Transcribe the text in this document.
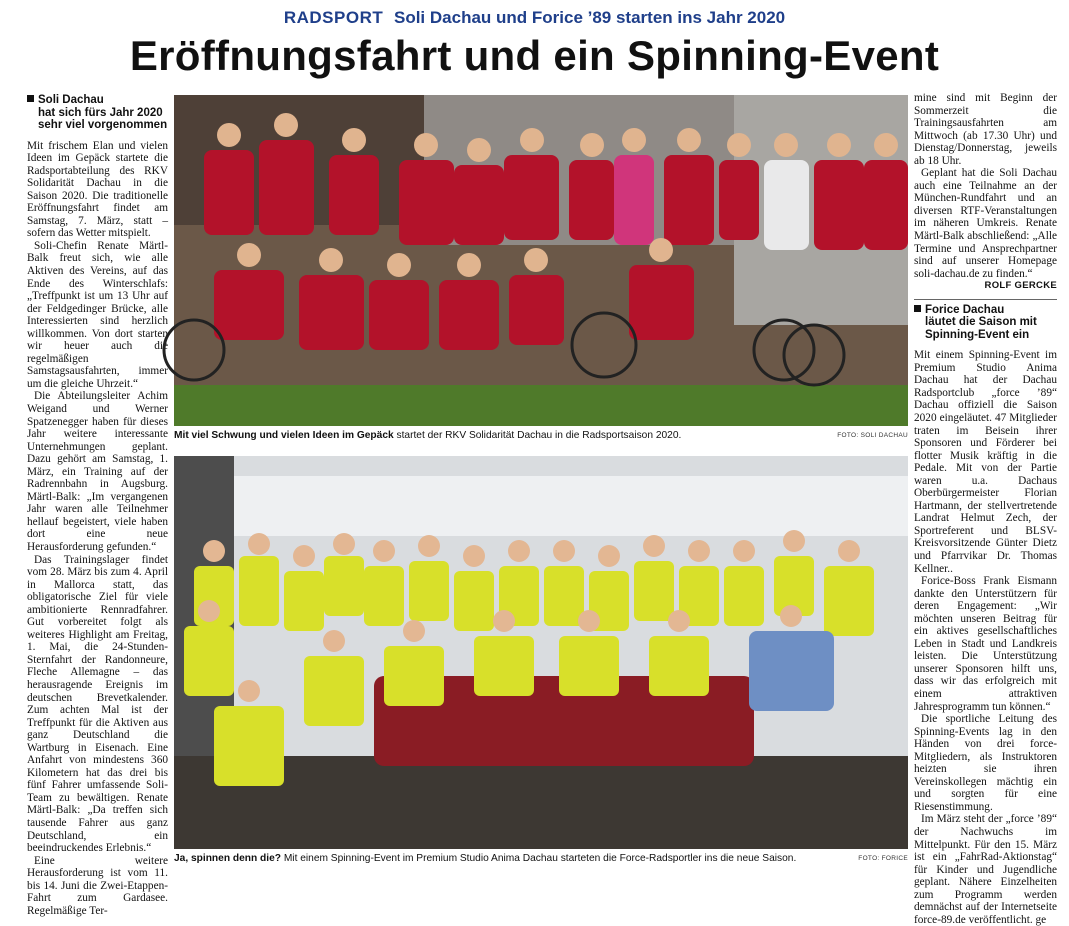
RADSPORT Soli Dachau und Forice ’89 starten ins Jahr 2020
Eröffnungsfahrt und ein Spinning-Event
Soli Dachau
hat sich fürs Jahr 2020
sehr viel vorgenommen

Mit frischem Elan und vielen Ideen im Gepäck startete die Radsportabteilung des RKV Solidarität Dachau in die Saison 2020. Die traditionelle Eröffnungsfahrt findet am Samstag, 7. März, statt – sofern das Wetter mitspielt.

Soli-Chefin Renate Märtl-Balk freut sich, wie alle Aktiven des Vereins, auf das Ende des Winterschlafs: „Treffpunkt ist um 13 Uhr auf der Feldgedinger Brücke, alle Interessierten sind herzlich willkommen. Von dort starten wir heuer auch die regelmäßigen Samstagsausfahrten, immer um die gleiche Uhrzeit.“

Die Abteilungsleiter Achim Weigand und Werner Spatzenegger haben für dieses Jahr weitere interessante Unternehmungen geplant. Dazu gehört am Samstag, 1. März, ein Training auf der Radrennbahn in Augsburg. Märtl-Balk: „Im vergangenen Jahr waren alle Teilnehmer hellauf begeistert, viele haben dort eine neue Herausforderung gefunden.“

Das Trainingslager findet vom 28. März bis zum 4. April in Mallorca statt, das obligatorische Ziel für viele ambitionierte Rennradfahrer. Gut vorbereitet folgt als weiteres Highlight am Freitag, 1. Mai, die 24-Stunden-Sternfahrt der Randonneure, Fleche Allemagne – das herausragende Ereignis im deutschen Brevetkalender. Zum achten Mal ist der Treffpunkt für die Aktiven aus ganz Deutschland die Wartburg in Eisenach. Eine Anfahrt von mindestens 360 Kilometern hat das drei bis fünf Fahrer umfassende Soli-Team zu bewältigen. Renate Märtl-Balk: „Da treffen sich tausende Fahrer aus ganz Deutschland, ein beeindruckendes Erlebnis.“

Eine weitere Herausforderung ist vom 11. bis 14. Juni die Zwei-Etappen-Fahrt zum Gardasee. Regelmäßige Ter-

Mit viel Schwung und vielen Ideen im Gepäck startet der RKV Solidarität Dachau in die Radsportsaison 2020.	FOTO: SOLI DACHAU
Ja, spinnen denn die? Mit einem Spinning-Event im Premium Studio Anima Dachau starteten die Force-Radsportler ins die neue Saison.	FOTO: FORICE

mine sind mit Beginn der Sommerzeit die Trainingsausfahrten am Mittwoch (ab 17.30 Uhr) und Dienstag/Donnerstag, jeweils ab 18 Uhr.

Geplant hat die Soli Dachau auch eine Teilnahme an der München-Rundfahrt und an diversen RTF-Veranstaltungen im näheren Umkreis. Renate Märtl-Balk abschließend: „Alle Termine und Ansprechpartner sind auf unserer Homepage soli-dachau.de zu finden.“

ROLF GERCKE
Forice Dachau
läutet die Saison mit
Spinning-Event ein

Mit einem Spinning-Event im Premium Studio Anima Dachau hat der Dachau Radsportclub „force ’89“ Dachau offiziell die Saison 2020 eingeläutet. 47 Mitglieder traten im Beisein ihrer Sponsoren und Förderer bei flotter Musik kräftig in die Pedale. Mit von der Partie waren u.a. Dachaus Oberbürgermeister Florian Hartmann, der stellvertretende Landrat Helmut Zech, der Sportreferent und BLSV-Kreisvorsitzende Günter Dietz und Pfarrvikar Dr. Thomas Kellner..

Forice-Boss Frank Eismann dankte den Unterstützern für deren Engagement: „Wir möchten unseren Beitrag für ein aktives gesellschaftliches Leben in Stadt und Landkreis leisten. Die Unterstützung unserer Sponsoren hilft uns, dass wir das erfolgreich mit einem attraktiven Jahresprogramm tun können.“

Die sportliche Leitung des Spinning-Events lag in den Händen von drei force-Mitgliedern, als Instruktoren heizten sie ihren Vereinskollegen mächtig ein und sorgten für eine Riesenstimmung.

Im März steht der „force ’89“ der Nachwuchs im Mittelpunkt. Für den 15. März ist ein „FahrRad-Aktionstag“ für Kinder und Jugendliche geplant. Nähere Einzelheiten zum Programm werden demnächst auf der Internetseite force-89.de veröffentlicht. ge
